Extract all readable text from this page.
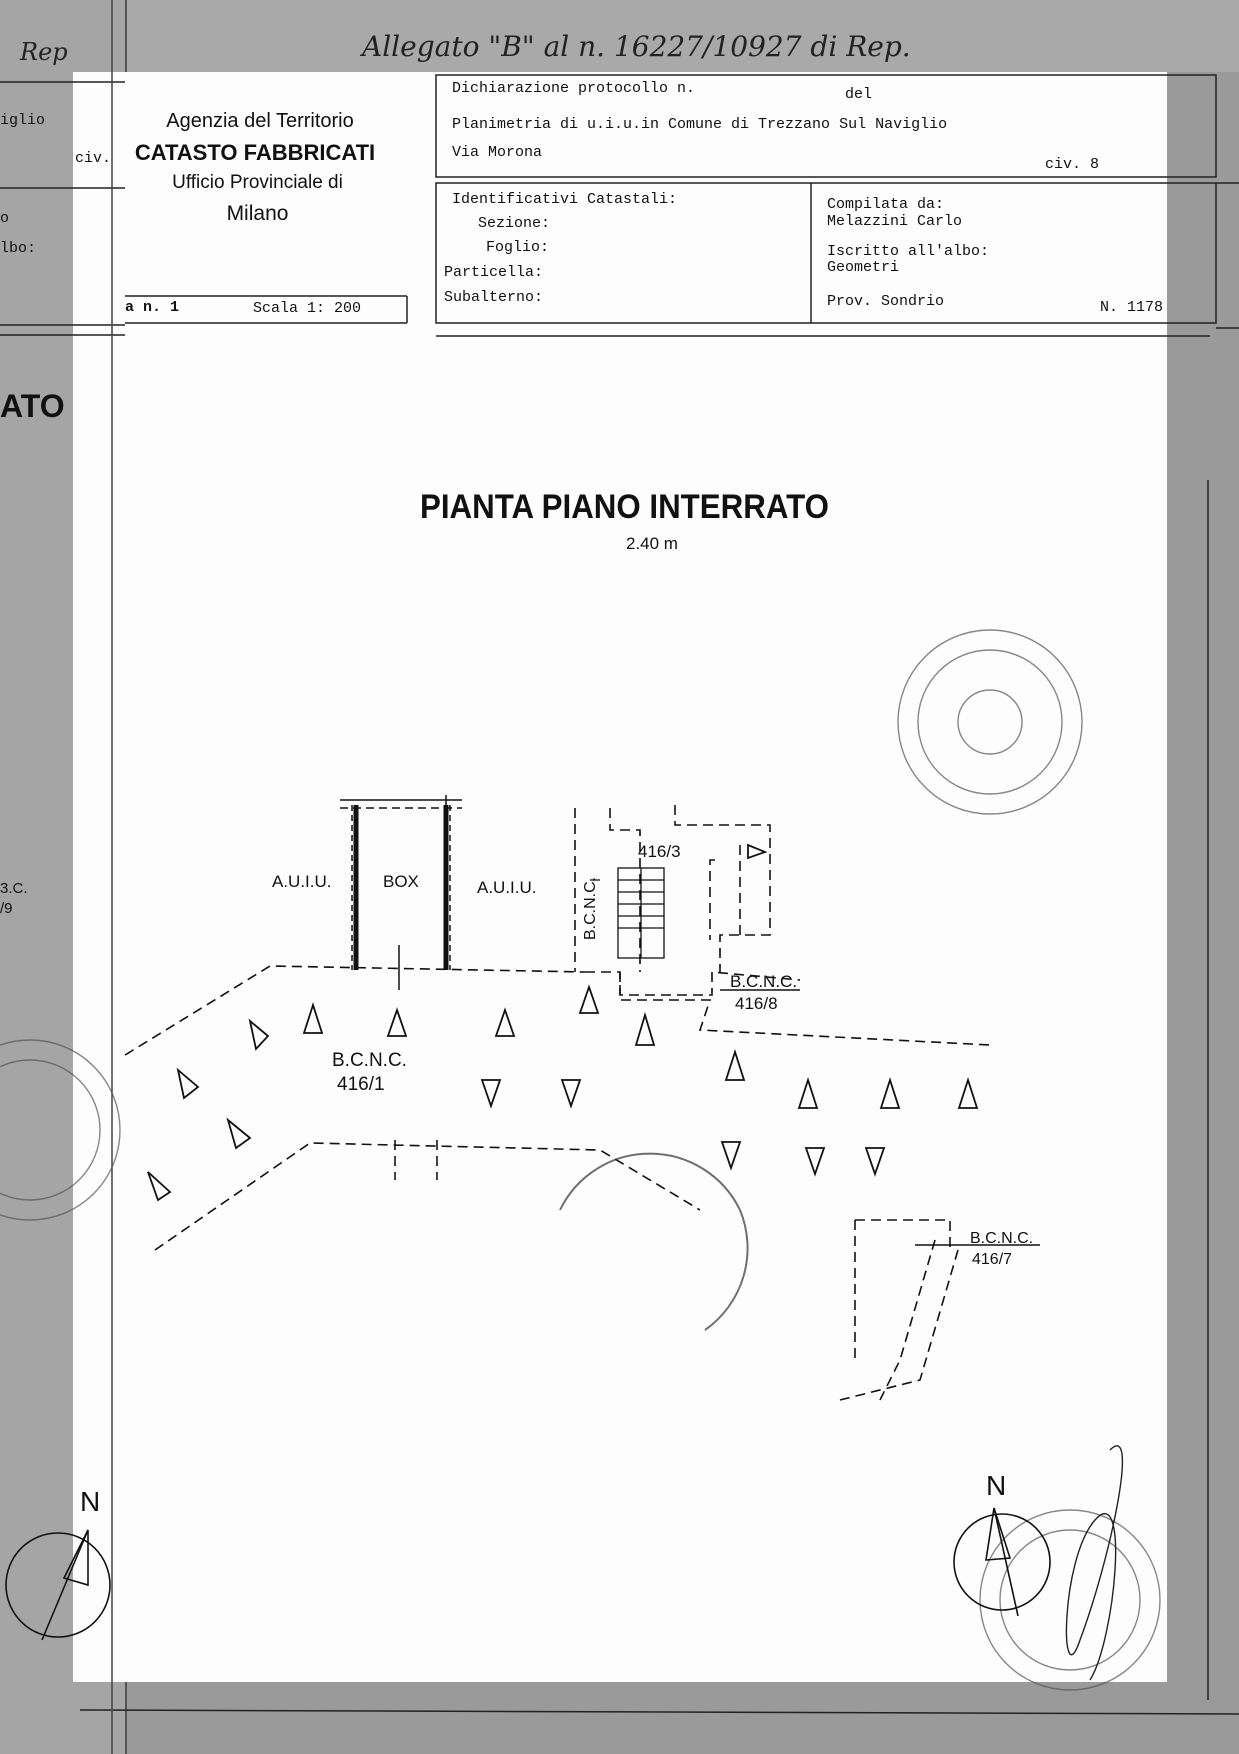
Allegato "B" al n. 16227/10927 di Rep.
Rep
iglio
civ.
o
lbo:
ATO
3.C.
/9
Agenzia del Territorio
CATASTO FABBRICATI
Ufficio Provinciale di
Milano
a n. 1	Scala 1: 200
Dichiarazione protocollo n.	del
Planimetria di u.i.u.in Comune di Trezzano Sul Naviglio
Via Morona
civ. 8
Identificativi Catastali:
Sezione:
Foglio:
Particella:
Subalterno:
Compilata da:
Melazzini Carlo
Iscritto all'albo:
Geometri
Prov. Sondrio	N. 1178
PIANTA PIANO INTERRATO
2.40 m
BOX
A.U.I.U.	A.U.I.U.	B.C.N.C.
416/3
B.C.N.C.
416/8
B.C.N.C.
416/1
B.C.N.C.
416/7
N
N
